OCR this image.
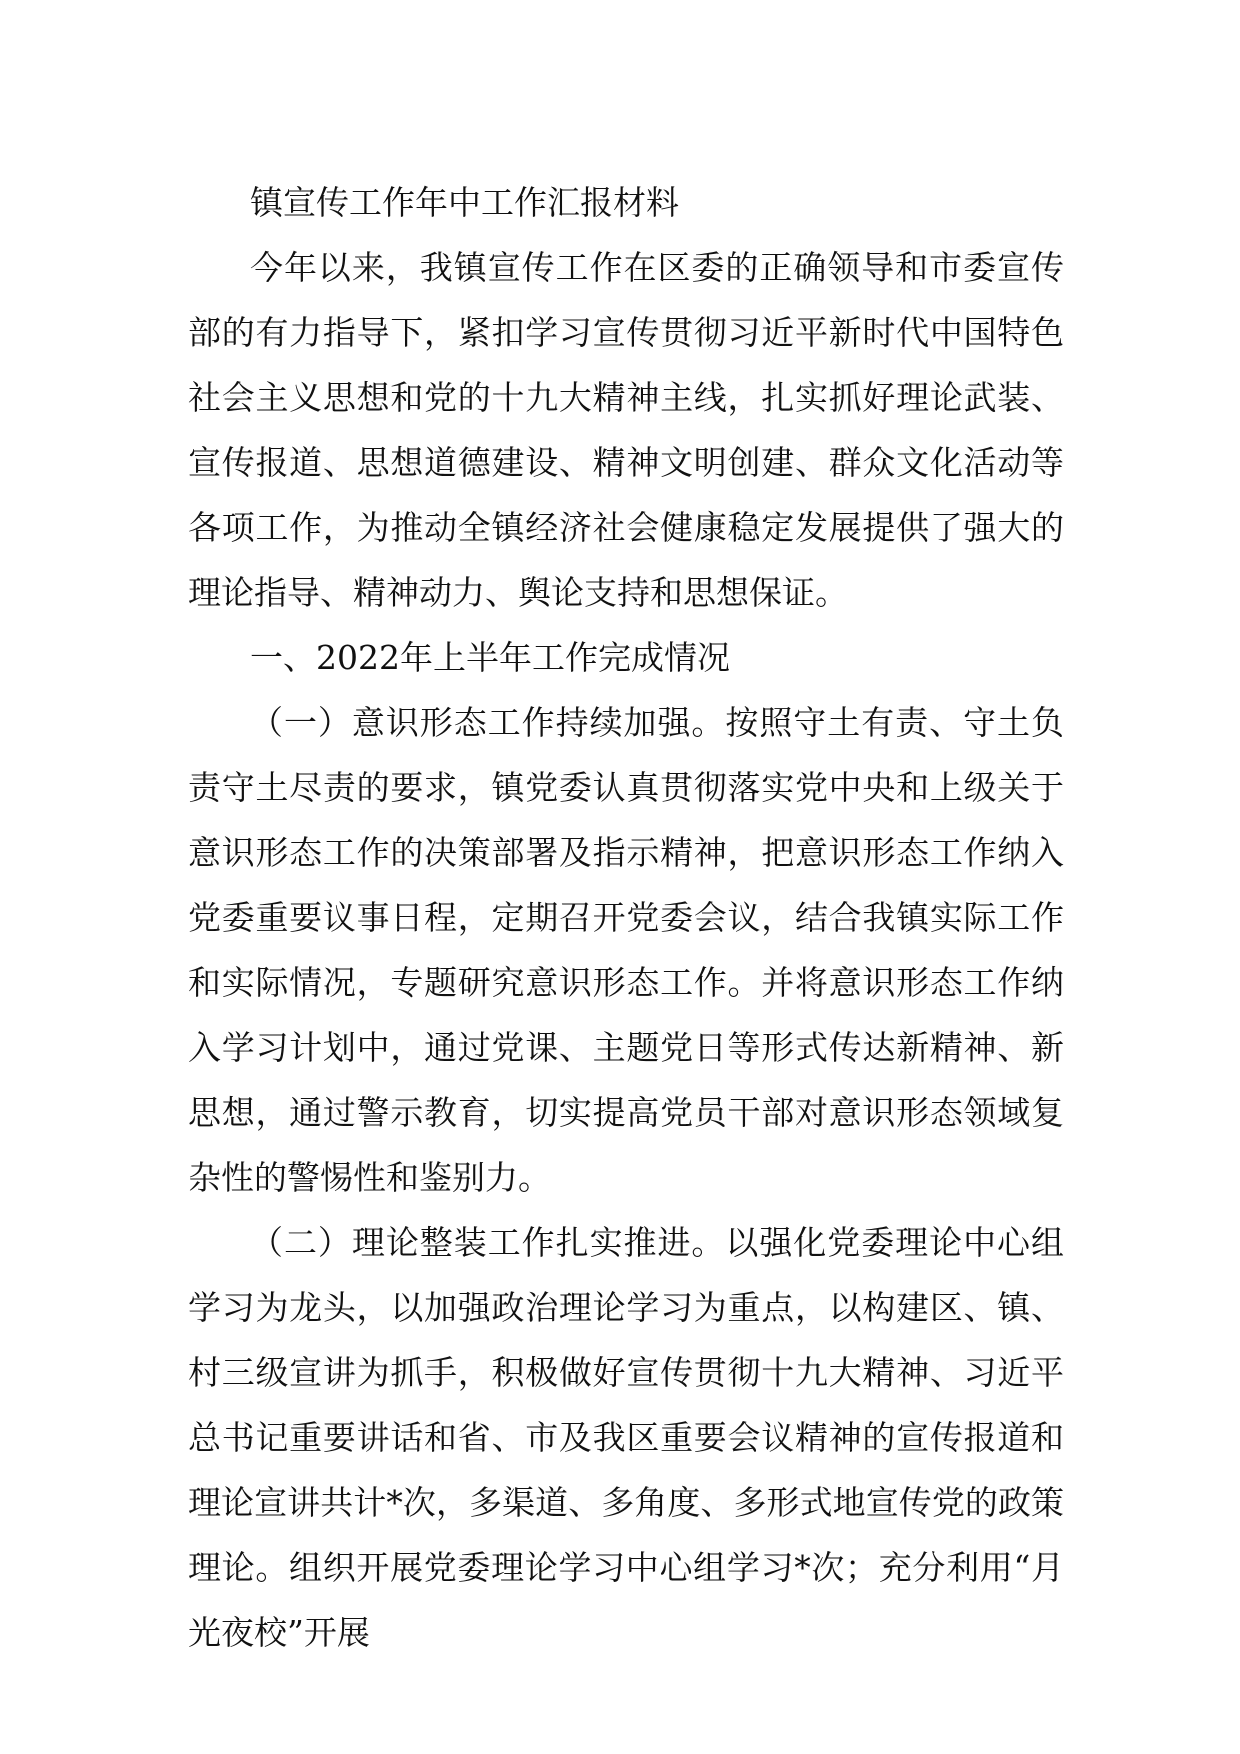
镇宣传工作年中工作汇报材料

今年以来，我镇宣传工作在区委的正确领导和市委宣传部的有力指导下，紧扣学习宣传贯彻习近平新时代中国特色社会主义思想和党的十九大精神主线，扎实抓好理论武装、宣传报道、思想道德建设、精神文明创建、群众文化活动等各项工作，为推动全镇经济社会健康稳定发展提供了强大的理论指导、精神动力、舆论支持和思想保证。

一、2022年上半年工作完成情况

（一）意识形态工作持续加强。按照守土有责、守土负责守土尽责的要求，镇党委认真贯彻落实党中央和上级关于意识形态工作的决策部署及指示精神，把意识形态工作纳入党委重要议事日程，定期召开党委会议，结合我镇实际工作和实际情况，专题研究意识形态工作。并将意识形态工作纳入学习计划中，通过党课、主题党日等形式传达新精神、新思想，通过警示教育，切实提高党员干部对意识形态领域复杂性的警惕性和鉴别力。

（二）理论整装工作扎实推进。以强化党委理论中心组学习为龙头，以加强政治理论学习为重点，以构建区、镇、村三级宣讲为抓手，积极做好宣传贯彻十九大精神、习近平总书记重要讲话和省、市及我区重要会议精神的宣传报道和理论宣讲共计*次，多渠道、多角度、多形式地宣传党的政策理论。组织开展党委理论学习中心组学习*次；充分利用“月光夜校”开展
